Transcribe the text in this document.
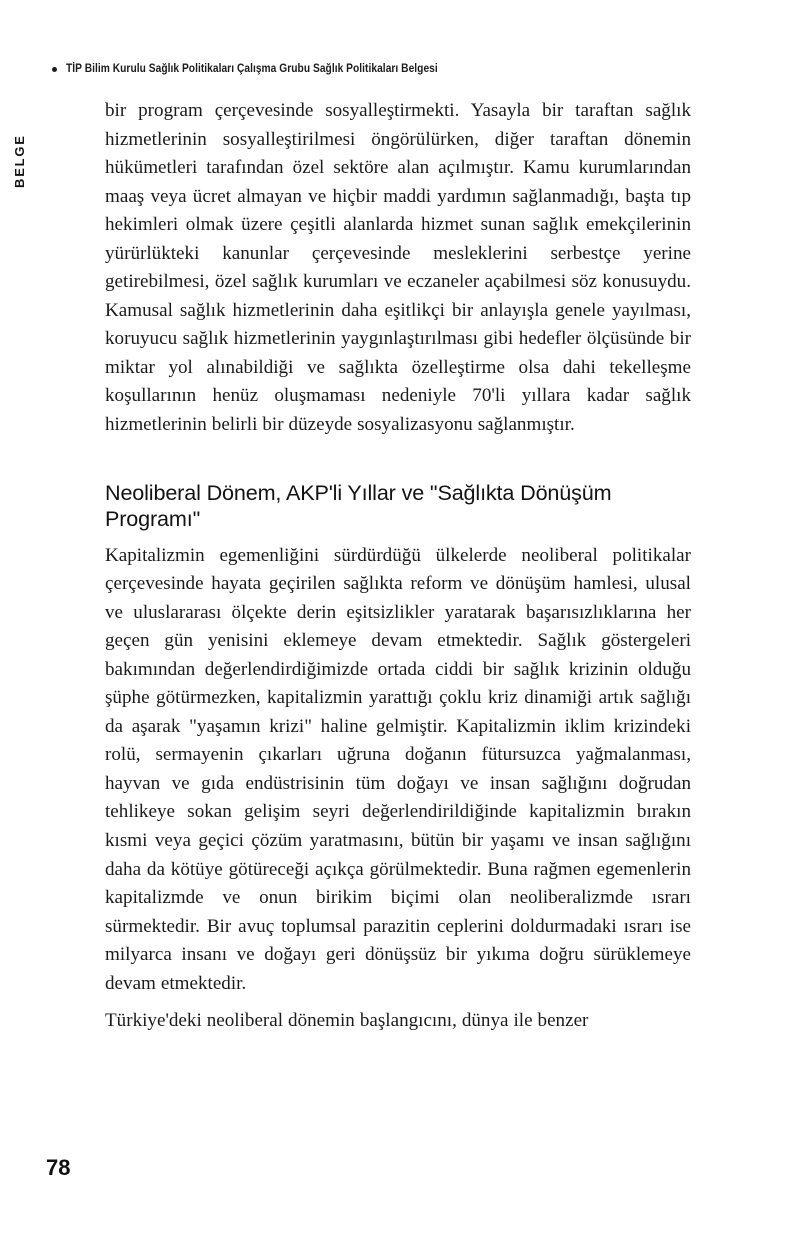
TİP Bilim Kurulu Sağlık Politikaları Çalışma Grubu Sağlık Politikaları Belgesi
BELGE

bir program çerçevesinde sosyalleştirmekti. Yasayla bir taraftan sağlık hizmetlerinin sosyalleştirilmesi öngörülürken, diğer taraftan dönemin hükümetleri tarafından özel sektöre alan açılmıştır. Kamu kurumlarından maaş veya ücret almayan ve hiçbir maddi yardımın sağlanmadığı, başta tıp hekimleri olmak üzere çeşitli alanlarda hizmet sunan sağlık emekçilerinin yürürlükteki kanunlar çerçevesinde mesleklerini serbestçe yerine getirebilmesi, özel sağlık kurumları ve eczaneler açabilmesi söz konusuydu. Kamusal sağlık hizmetlerinin daha eşitlikçi bir anlayışla genele yayılması, koruyucu sağlık hizmetlerinin yaygınlaştırılması gibi hedefler ölçüsünde bir miktar yol alınabildiği ve sağlıkta özelleştirme olsa dahi tekelleşme koşullarının henüz oluşmaması nedeniyle 70'li yıllara kadar sağlık hizmetlerinin belirli bir düzeyde sosyalizasyonu sağlanmıştır.

Neoliberal Dönem, AKP'li Yıllar ve "Sağlıkta Dönüşüm Programı"

Kapitalizmin egemenliğini sürdürdüğü ülkelerde neoliberal politikalar çerçevesinde hayata geçirilen sağlıkta reform ve dönüşüm hamlesi, ulusal ve uluslararası ölçekte derin eşitsizlikler yaratarak başarısızlıklarına her geçen gün yenisini eklemeye devam etmektedir. Sağlık göstergeleri bakımından değerlendirdiğimizde ortada ciddi bir sağlık krizinin olduğu şüphe götürmezken, kapitalizmin yarattığı çoklu kriz dinamiği artık sağlığı da aşarak "yaşamın krizi" haline gelmiştir. Kapitalizmin iklim krizindeki rolü, sermayenin çıkarları uğruna doğanın fütursuzca yağmalanması, hayvan ve gıda endüstrisinin tüm doğayı ve insan sağlığını doğrudan tehlikeye sokan gelişim seyri değerlendirildiğinde kapitalizmin bırakın kısmi veya geçici çözüm yaratmasını, bütün bir yaşamı ve insan sağlığını daha da kötüye götüreceği açıkça görülmektedir. Buna rağmen egemenlerin kapitalizmde ve onun birikim biçimi olan neoliberalizmde ısrarı sürmektedir. Bir avuç toplumsal parazitin ceplerini doldurmadaki ısrarı ise milyarca insanı ve doğayı geri dönüşsüz bir yıkıma doğru sürüklemeye devam etmektedir.

Türkiye'deki neoliberal dönemin başlangıcını, dünya ile benzer

78
